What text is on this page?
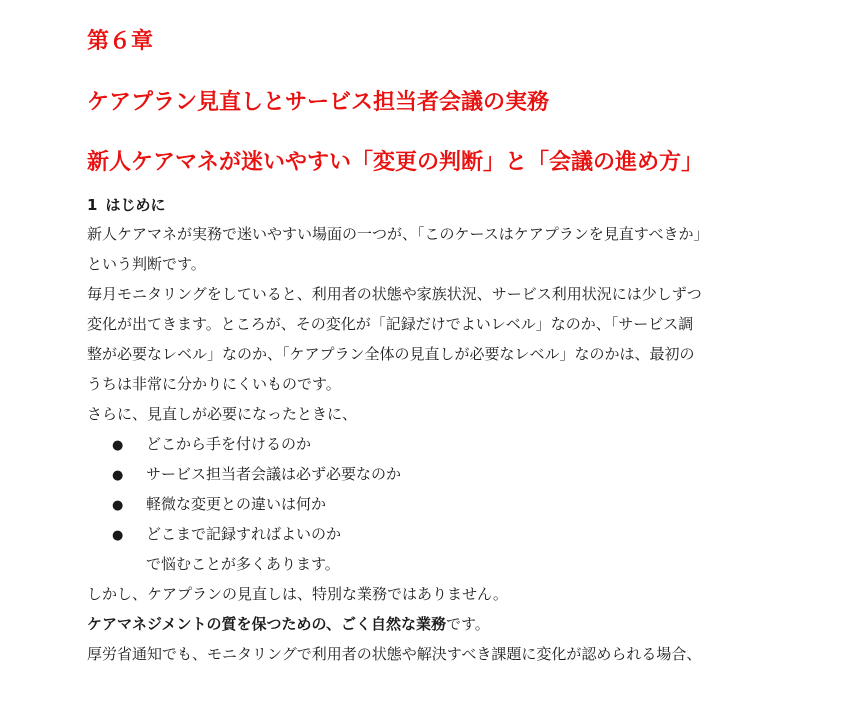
第６章
ケアプラン見直しとサービス担当者会議の実務
新人ケアマネが迷いやすい「変更の判断」と「会議の進め方」
1 はじめに
新人ケアマネが実務で迷いやすい場面の一つが、「このケースはケアプランを見直すべきか」
という判断です。
毎月モニタリングをしていると、利用者の状態や家族状況、サービス利用状況には少しずつ
変化が出てきます。ところが、その変化が「記録だけでよいレベル」なのか、「サービス調
整が必要なレベル」なのか、「ケアプラン全体の見直しが必要なレベル」なのかは、最初の
うちは非常に分かりにくいものです。
さらに、見直しが必要になったときに、
● どこから手を付けるのか
● サービス担当者会議は必ず必要なのか
● 軽微な変更との違いは何か
● どこまで記録すればよいのか
で悩むことが多くあります。
しかし、ケアプランの見直しは、特別な業務ではありません。
ケアマネジメントの質を保つための、ごく自然な業務です。
厚労省通知でも、モニタリングで利用者の状態や解決すべき課題に変化が認められる場合、
